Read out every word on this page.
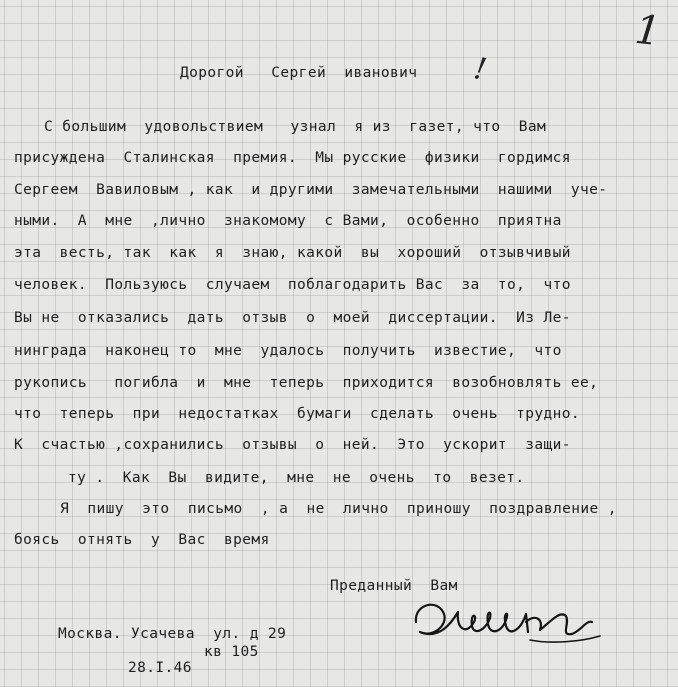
1
Дорогой   Сергей  иванович !
С большим  удовольствием   узнал  я из  газет, что  Вам
присуждена  Сталинская  премия.  Мы русские  физики  гордимся
Сергеем  Вавиловым , как  и другими  замечательными  нашими  уче-
ными.  А  мне  ,лично  знакомому  с Вами,  особенно  приятна
эта  весть, так  как  я  знаю, какой  вы  хороший  отзывчивый
человек.  Пользуюсь  случаем  поблагодарить Вас  за  то,  что
Вы не  отказались  дать  отзыв  о  моей  диссертации.  Из Ле-
нинграда  наконец то  мне  удалось  получить  известие,  что
рукопись   погибла  и  мне  теперь  приходится  возобновлять ее,
что  теперь  при  недостатках  бумаги  сделать  очень  трудно.
К  счастью ,сохранились  отзывы  о  ней.  Это  ускорит  защи-
ту .  Как  Вы  видите,  мне  не  очень  то  везет.
Я  пишу  это  письмо  , а  не  лично  приношу  поздравление ,
боясь  отнять  у  Вас  время
Преданный  Вам
Москва. Усачева  ул. д 29
кв 105
28.I.46
